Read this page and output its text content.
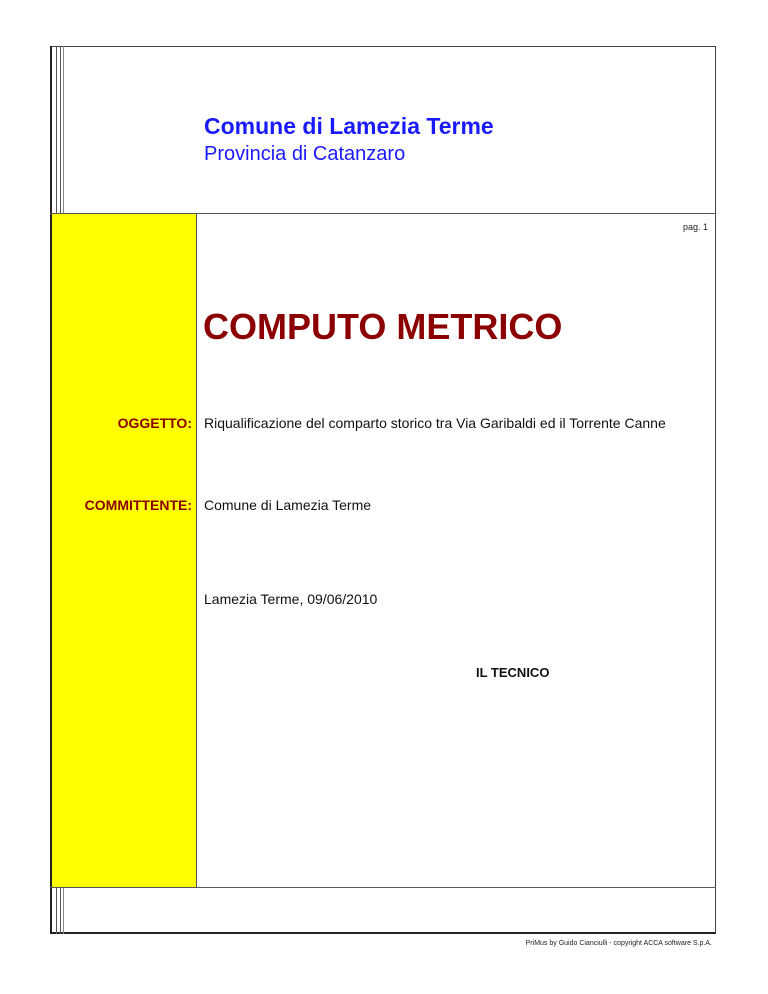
Comune di Lamezia Terme
Provincia di Catanzaro
pag. 1
COMPUTO METRICO
OGGETTO: Riqualificazione del comparto storico tra Via Garibaldi ed il Torrente Canne
COMMITTENTE: Comune di Lamezia Terme
Lamezia Terme, 09/06/2010
IL TECNICO
PriMus by Guido Cianciulli - copyright ACCA software S.p.A.
